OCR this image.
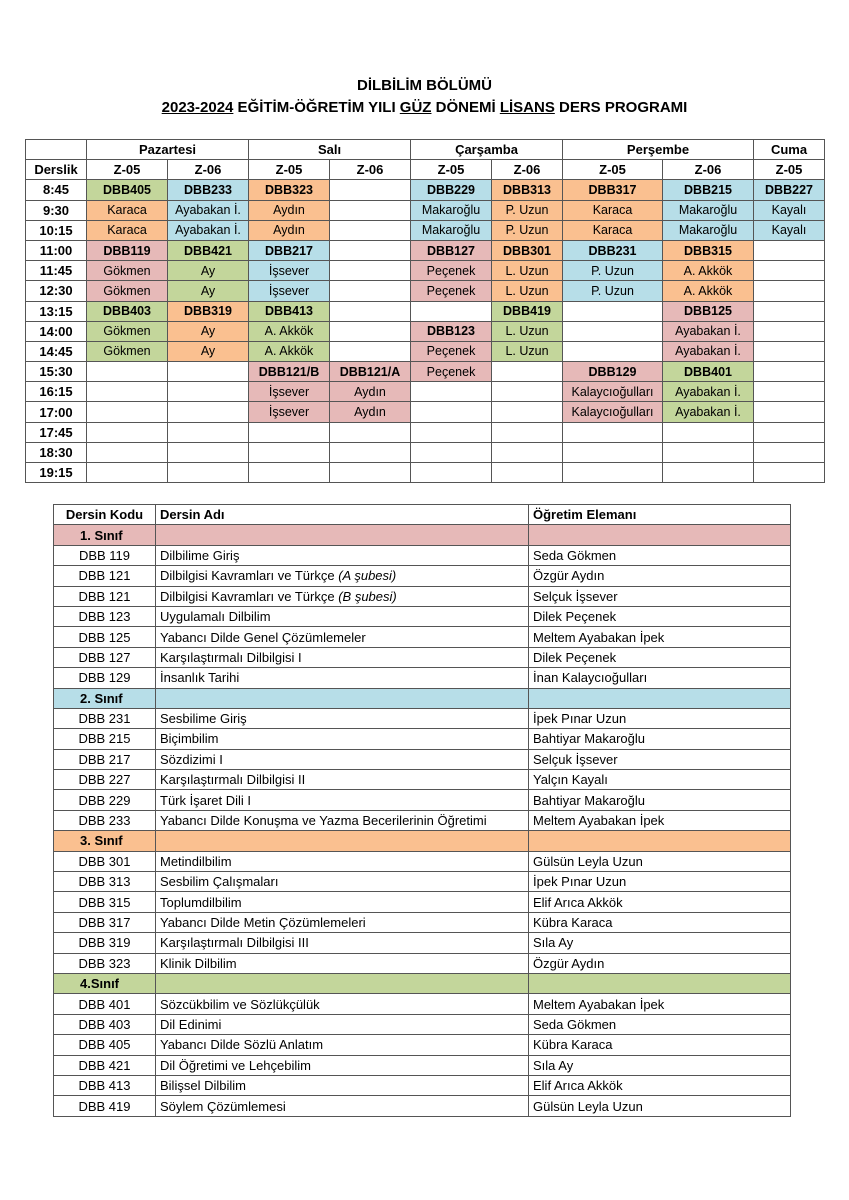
DİLBİLİM BÖLÜMÜ
2023-2024 EĞİTİM-ÖĞRETİM YILI GÜZ DÖNEMİ LİSANS DERS PROGRAMI
	Pazartesi		Salı		Çarşamba		Perşembe		Cuma
Derslik	Z-05	Z-06	Z-05	Z-06	Z-05	Z-06	Z-05	Z-06	Z-05
8:45	DBB405	DBB233	DBB323		DBB229	DBB313	DBB317	DBB215	DBB227
9:30	Karaca	Ayabakan İ.	Aydın		Makaroğlu	P. Uzun	Karaca	Makaroğlu	Kayalı
10:15	Karaca	Ayabakan İ.	Aydın		Makaroğlu	P. Uzun	Karaca	Makaroğlu	Kayalı
11:00	DBB119	DBB421	DBB217		DBB127	DBB301	DBB231	DBB315	
11:45	Gökmen	Ay	İşsever		Peçenek	L. Uzun	P. Uzun	A. Akkök	
12:30	Gökmen	Ay	İşsever		Peçenek	L. Uzun	P. Uzun	A. Akkök	
13:15	DBB403	DBB319	DBB413			DBB419		DBB125	
14:00	Gökmen	Ay	A. Akkök		DBB123	L. Uzun		Ayabakan İ.	
14:45	Gökmen	Ay	A. Akkök		Peçenek	L. Uzun		Ayabakan İ.	
15:30			DBB121/B	DBB121/A	Peçenek		DBB129	DBB401	
16:15			İşsever	Aydın			Kalaycıoğulları	Ayabakan İ.	
17:00			İşsever	Aydın			Kalaycıoğulları	Ayabakan İ.	
17:45									
18:30									
19:15									
Dersin Kodu	Dersin Adı	Öğretim Elemanı
1. Sınıf		
DBB 119	Dilbilime Giriş	Seda Gökmen
DBB 121	Dilbilgisi Kavramları ve Türkçe (A şubesi)	Özgür Aydın
DBB 121	Dilbilgisi Kavramları ve Türkçe (B şubesi)	Selçuk İşsever
DBB 123	Uygulamalı Dilbilim	Dilek Peçenek
DBB 125	Yabancı Dilde Genel Çözümlemeler	Meltem Ayabakan İpek
DBB 127	Karşılaştırmalı Dilbilgisi I	Dilek Peçenek
DBB 129	İnsanlık Tarihi	İnan Kalaycıoğulları
2. Sınıf		
DBB 231	Sesbilime Giriş	İpek Pınar Uzun
DBB 215	Biçimbilim	Bahtiyar Makaroğlu
DBB 217	Sözdizimi I	Selçuk İşsever
DBB 227	Karşılaştırmalı Dilbilgisi II	Yalçın Kayalı
DBB 229	Türk İşaret Dili I	Bahtiyar Makaroğlu
DBB 233	Yabancı Dilde Konuşma ve Yazma Becerilerinin Öğretimi	Meltem Ayabakan İpek
3. Sınıf		
DBB 301	Metindilbilim	Gülsün Leyla Uzun
DBB 313	Sesbilim Çalışmaları	İpek Pınar Uzun
DBB 315	Toplumdilbilim	Elif Arıca Akkök
DBB 317	Yabancı Dilde Metin Çözümlemeleri	Kübra Karaca
DBB 319	Karşılaştırmalı Dilbilgisi III	Sıla Ay
DBB 323	Klinik Dilbilim	Özgür Aydın
4.Sınıf		
DBB 401	Sözcükbilim ve Sözlükçülük	Meltem Ayabakan İpek
DBB 403	Dil Edinimi	Seda Gökmen
DBB 405	Yabancı Dilde Sözlü Anlatım	Kübra Karaca
DBB 421	Dil Öğretimi ve Lehçebilim	Sıla Ay
DBB 413	Bilişsel Dilbilim	Elif Arıca Akkök
DBB 419	Söylem Çözümlemesi	Gülsün Leyla Uzun
